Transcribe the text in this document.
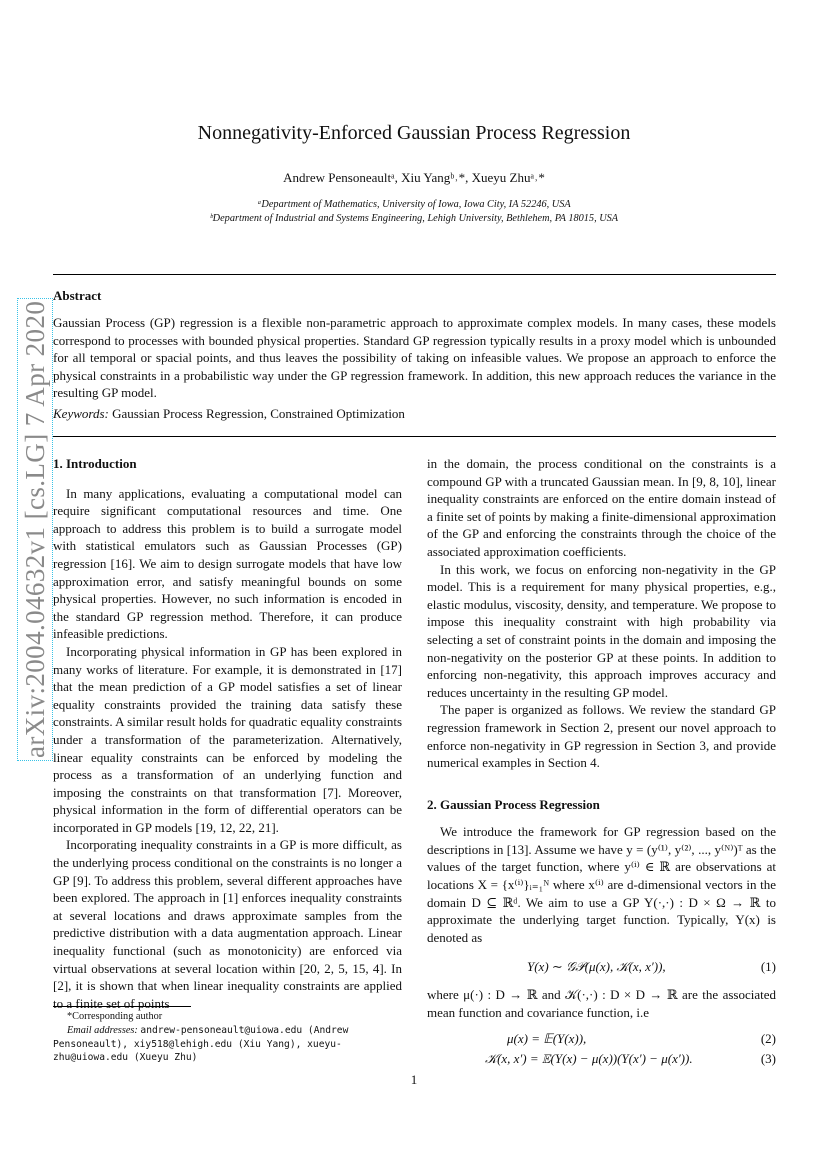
arXiv:2004.04632v1 [cs.LG] 7 Apr 2020
Nonnegativity-Enforced Gaussian Process Regression
Andrew Pensoneaultᵃ, Xiu Yangᵇ˒*, Xueyu Zhuᵃ˒*
ᵃDepartment of Mathematics, University of Iowa, Iowa City, IA 52246, USA
ᵇDepartment of Industrial and Systems Engineering, Lehigh University, Bethlehem, PA 18015, USA
Abstract
Gaussian Process (GP) regression is a flexible non-parametric approach to approximate complex models. In many cases, these models correspond to processes with bounded physical properties. Standard GP regression typically results in a proxy model which is unbounded for all temporal or spacial points, and thus leaves the possibility of taking on infeasible values. We propose an approach to enforce the physical constraints in a probabilistic way under the GP regression framework. In addition, this new approach reduces the variance in the resulting GP model.
Keywords: Gaussian Process Regression, Constrained Optimization
1. Introduction

In many applications, evaluating a computational model can require significant computational resources and time. One approach to address this problem is to build a surrogate model with statistical emulators such as Gaussian Processes (GP) regression [16]. We aim to design surrogate models that have low approximation error, and satisfy meaningful bounds on some physical properties. However, no such information is encoded in the standard GP regression method. Therefore, it can produce infeasible predictions.

Incorporating physical information in GP has been explored in many works of literature. For example, it is demonstrated in [17] that the mean prediction of a GP model satisfies a set of linear equality constraints provided the training data satisfy these constraints. A similar result holds for quadratic equality constraints under a transformation of the parameterization. Alternatively, linear equality constraints can be enforced by modeling the process as a transformation of an underlying function and imposing the constraints on that transformation [7]. Moreover, physical information in the form of differential operators can be incorporated in GP models [19, 12, 22, 21].

Incorporating inequality constraints in a GP is more difficult, as the underlying process conditional on the constraints is no longer a GP [9]. To address this problem, several different approaches have been explored. The approach in [1] enforces inequality constraints at several locations and draws approximate samples from the predictive distribution with a data augmentation approach. Linear inequality functional (such as monotonicity) are enforced via virtual observations at several location within [20, 2, 5, 15, 4]. In [2], it is shown that when linear inequality constraints are applied to a finite set of points

in the domain, the process conditional on the constraints is a compound GP with a truncated Gaussian mean. In [9, 8, 10], linear inequality constraints are enforced on the entire domain instead of a finite set of points by making a finite-dimensional approximation of the GP and enforcing the constraints through the choice of the associated approximation coefficients.

In this work, we focus on enforcing non-negativity in the GP model. This is a requirement for many physical properties, e.g., elastic modulus, viscosity, density, and temperature. We propose to impose this inequality constraint with high probability via selecting a set of constraint points in the domain and imposing the non-negativity on the posterior GP at these points. In addition to enforcing non-negativity, this approach improves accuracy and reduces uncertainty in the resulting GP model.

The paper is organized as follows. We review the standard GP regression framework in Section 2, present our novel approach to enforce non-negativity in GP regression in Section 3, and provide numerical examples in Section 4.

2. Gaussian Process Regression

We introduce the framework for GP regression based on the descriptions in [13]. Assume we have y = (y⁽¹⁾, y⁽²⁾, ..., y⁽ᴺ⁾)ᵀ as the values of the target function, where y⁽ⁱ⁾ ∈ ℝ are observations at locations X = {x⁽ⁱ⁾}ᵢ₌₁ᴺ where x⁽ⁱ⁾ are d-dimensional vectors in the domain D ⊆ ℝᵈ. We aim to use a GP Y(·,·) : D × Ω → ℝ to approximate the underlying target function. Typically, Y(x) is denoted as

Y(x) ∼ 𝒢𝒫(μ(x), 𝒦(x, x′)),	(1)

where μ(·) : D → ℝ and 𝒦(·,·) : D × D → ℝ are the associated mean function and covariance function, i.e

μ(x) = 𝔼(Y(x)),	(2)
𝒦(x, x′) = 𝔼(Y(x) − μ(x))(Y(x′) − μ(x′)).	(3)
*Corresponding author
Email addresses: andrew-pensoneault@uiowa.edu (Andrew Pensoneault), xiy518@lehigh.edu (Xiu Yang), xueyu-zhu@uiowa.edu (Xueyu Zhu)
1
